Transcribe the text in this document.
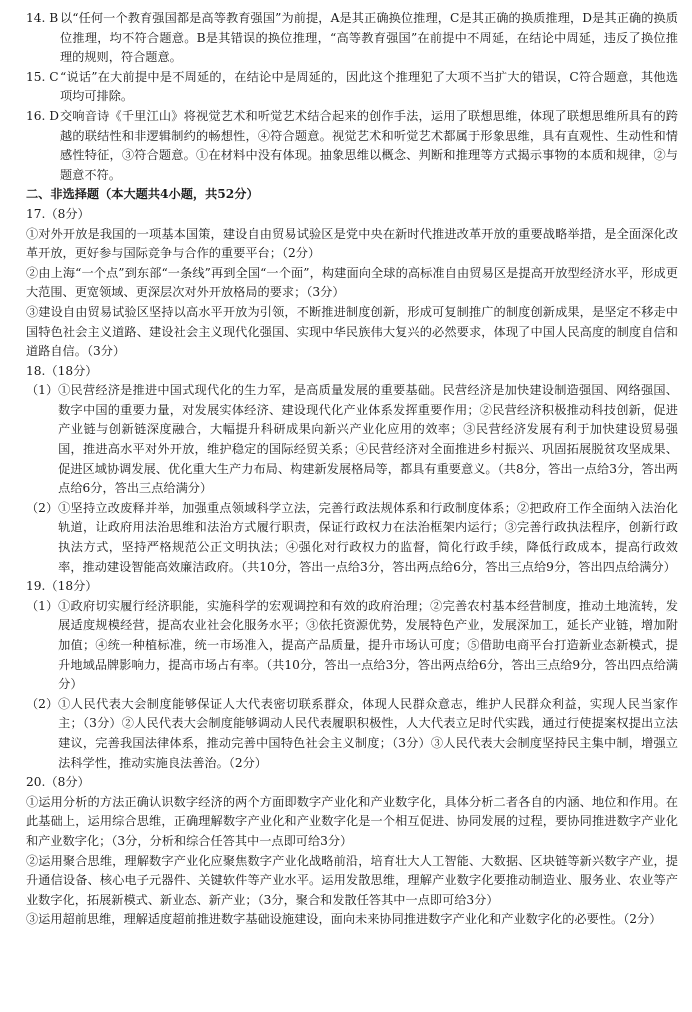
14. B 以“任何一个教育强国都是高等教育强国”为前提，A是其正确换位推理，C是其正确的换质推理，D是其正确的换质位推理，均不符合题意。B是其错误的换位推理，“高等教育强国”在前提中不周延，在结论中周延，违反了换位推理的规则，符合题意。
15. C “说话”在大前提中是不周延的，在结论中是周延的，因此这个推理犯了大项不当扩大的错误，C符合题意，其他选项均可排除。
16. D 交响音诗《千里江山》将视觉艺术和听觉艺术结合起来的创作手法，运用了联想思维，体现了联想思维所具有的跨越的联结性和非逻辑制约的畅想性，④符合题意。视觉艺术和听觉艺术都属于形象思维，具有直观性、生动性和情感性特征，③符合题意。①在材料中没有体现。抽象思维以概念、判断和推理等方式揭示事物的本质和规律，②与题意不符。
二、非选择题（本大题共4小题，共52分）
17.（8分）
①对外开放是我国的一项基本国策，建设自由贸易试验区是党中央在新时代推进改革开放的重要战略举措，是全面深化改革开放，更好参与国际竞争与合作的重要平台；（2分）
②由上海“一个点”到东部“一条线”再到全国“一个面”，构建面向全球的高标准自由贸易区是提高开放型经济水平，形成更大范围、更宽领域、更深层次对外开放格局的要求；（3分）
③建设自由贸易试验区坚持以高水平开放为引领，不断推进制度创新，形成可复制推广的制度创新成果，是坚定不移走中国特色社会主义道路、建设社会主义现代化强国、实现中华民族伟大复兴的必然要求，体现了中国人民高度的制度自信和道路自信。（3分）
18.（18分）
（1） ①民营经济是推进中国式现代化的生力军，是高质量发展的重要基础。民营经济是加快建设制造强国、网络强国、数字中国的重要力量，对发展实体经济、建设现代化产业体系发挥重要作用；②民营经济积极推动科技创新，促进产业链与创新链深度融合，大幅提升科研成果向新兴产业化应用的效率；③民营经济发展有利于加快建设贸易强国，推进高水平对外开放，维护稳定的国际经贸关系；④民营经济对全面推进乡村振兴、巩固拓展脱贫攻坚成果、促进区域协调发展、优化重大生产力布局、构建新发展格局等，都具有重要意义。（共8分，答出一点给3分，答出两点给6分，答出三点给满分）
（2） ①坚持立改废释并举，加强重点领域科学立法，完善行政法规体系和行政制度体系；②把政府工作全面纳入法治化轨道，让政府用法治思维和法治方式履行职责，保证行政权力在法治框架内运行；③完善行政执法程序，创新行政执法方式，坚持严格规范公正文明执法；④强化对行政权力的监督，简化行政手续，降低行政成本，提高行政效率，推动建设智能高效廉洁政府。（共10分，答出一点给3分，答出两点给6分，答出三点给9分，答出四点给满分）
19.（18分）
（1） ①政府切实履行经济职能，实施科学的宏观调控和有效的政府治理；②完善农村基本经营制度，推动土地流转，发展适度规模经营，提高农业社会化服务水平；③依托资源优势，发展特色产业，发展深加工，延长产业链，增加附加值；④统一种植标准，统一市场准入，提高产品质量，提升市场认可度；⑤借助电商平台打造新业态新模式，提升地域品牌影响力，提高市场占有率。（共10分，答出一点给3分，答出两点给6分，答出三点给9分，答出四点给满分）
（2） ①人民代表大会制度能够保证人大代表密切联系群众，体现人民群众意志，维护人民群众利益，实现人民当家作主；（3分）②人民代表大会制度能够调动人民代表履职积极性，人大代表立足时代实践，通过行使提案权提出立法建议，完善我国法律体系，推动完善中国特色社会主义制度；（3分）③人民代表大会制度坚持民主集中制，增强立法科学性，推动实施良法善治。（2分）
20.（8分）
①运用分析的方法正确认识数字经济的两个方面即数字产业化和产业数字化，具体分析二者各自的内涵、地位和作用。在此基础上，运用综合思维，正确理解数字产业化和产业数字化是一个相互促进、协同发展的过程，要协同推进数字产业化和产业数字化；（3分，分析和综合任答其中一点即可给3分）
②运用聚合思维，理解数字产业化应聚焦数字产业化战略前沿，培育壮大人工智能、大数据、区块链等新兴数字产业，提升通信设备、核心电子元器件、关键软件等产业水平。运用发散思维，理解产业数字化要推动制造业、服务业、农业等产业数字化，拓展新模式、新业态、新产业；（3分，聚合和发散任答其中一点即可给3分）
③运用超前思维，理解适度超前推进数字基础设施建设，面向未来协同推进数字产业化和产业数字化的必要性。（2分）
